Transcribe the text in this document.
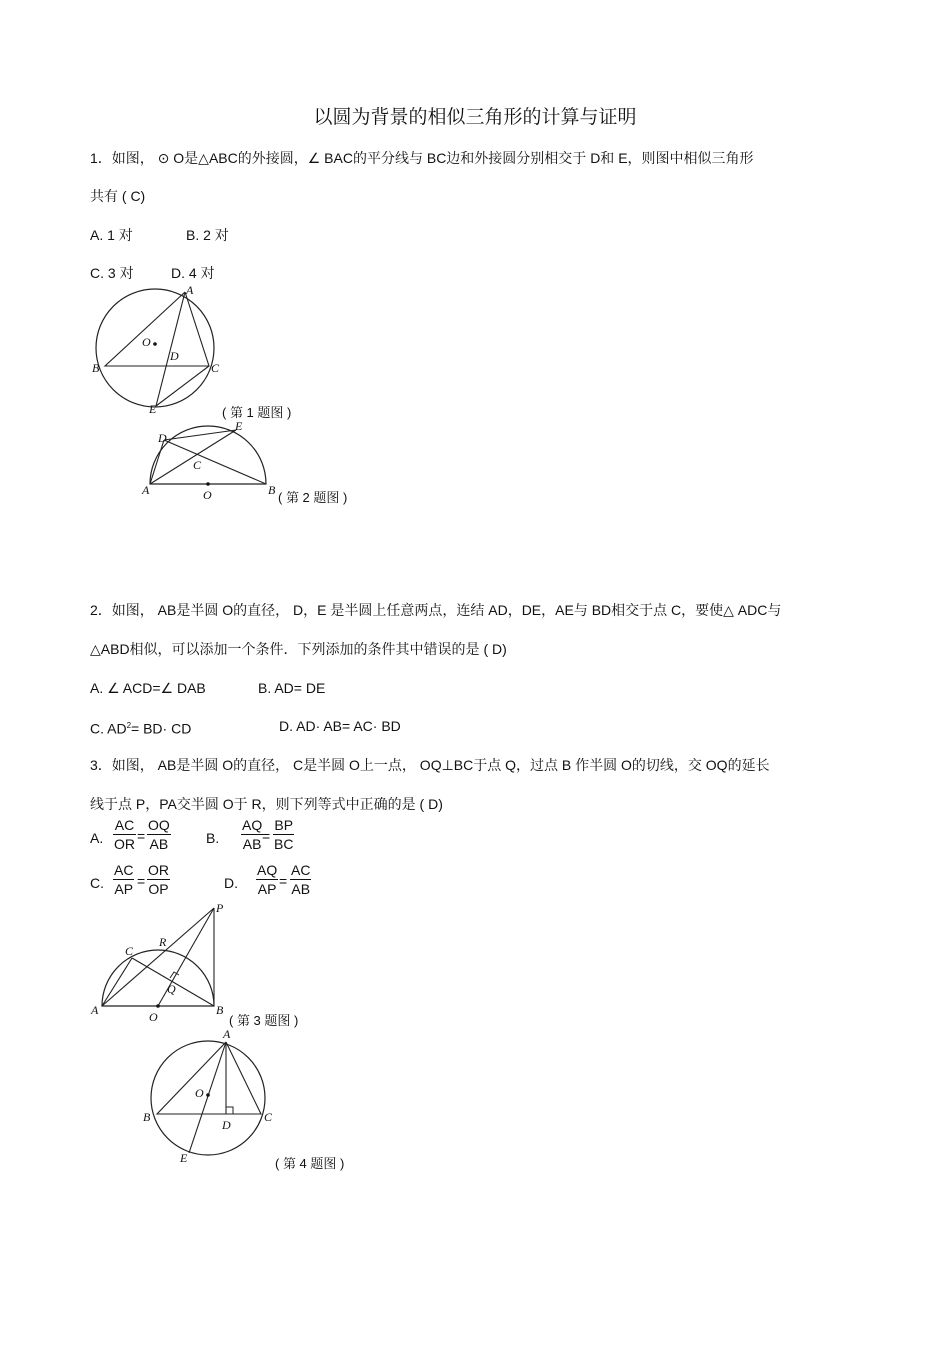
以圆为背景的相似三角形的计算与证明
1．如图， ⊙ O是△ABC的外接圆，∠ BAC的平分线与 BC边和外接圆分别相交于 D和 E，则图中相似三角形
共有 ( C)
A. 1 对	B. 2 对
C. 3 对	D. 4 对
A
B	C
D
E
O
( 第 1 题图 )
D
E
C
A	B
O	( 第 2 题图 )
2．如图， AB是半圆 O的直径， D，E 是半圆上任意两点，连结 AD，DE，AE与 BD相交于点 C，要使△ ADC与
△ABD相似，可以添加一个条件．下列添加的条件其中错误的是 ( D)
A. ∠ ACD=∠ DAB	B. AD= DE
C. $AD^2= BD\cdot$ CD	D. AD· AB= AC· BD
3．如图， AB是半圆 O的直径， C是半圆 O上一点， OQ⊥BC于点 Q，过点 B 作半圆 O的切线，交 OQ的延长
线于点 P，PA交半圆 O于 R，则下列等式中正确的是 ( D)
A. $\frac{AC}{OR} = \frac{OQ}{AB}$	B. $\frac{AQ}{AB}$
= $\frac{BP}{BC}$
C. $\frac{AC}{AP} = \frac{OR}{OP}$	D. $\frac{AQ}{AP} = \frac{AC}{AB}$
P
C
R
Q
A	B
O	( 第 3 题图 )
A
B	C
D
E
O
( 第 4 题图 )
